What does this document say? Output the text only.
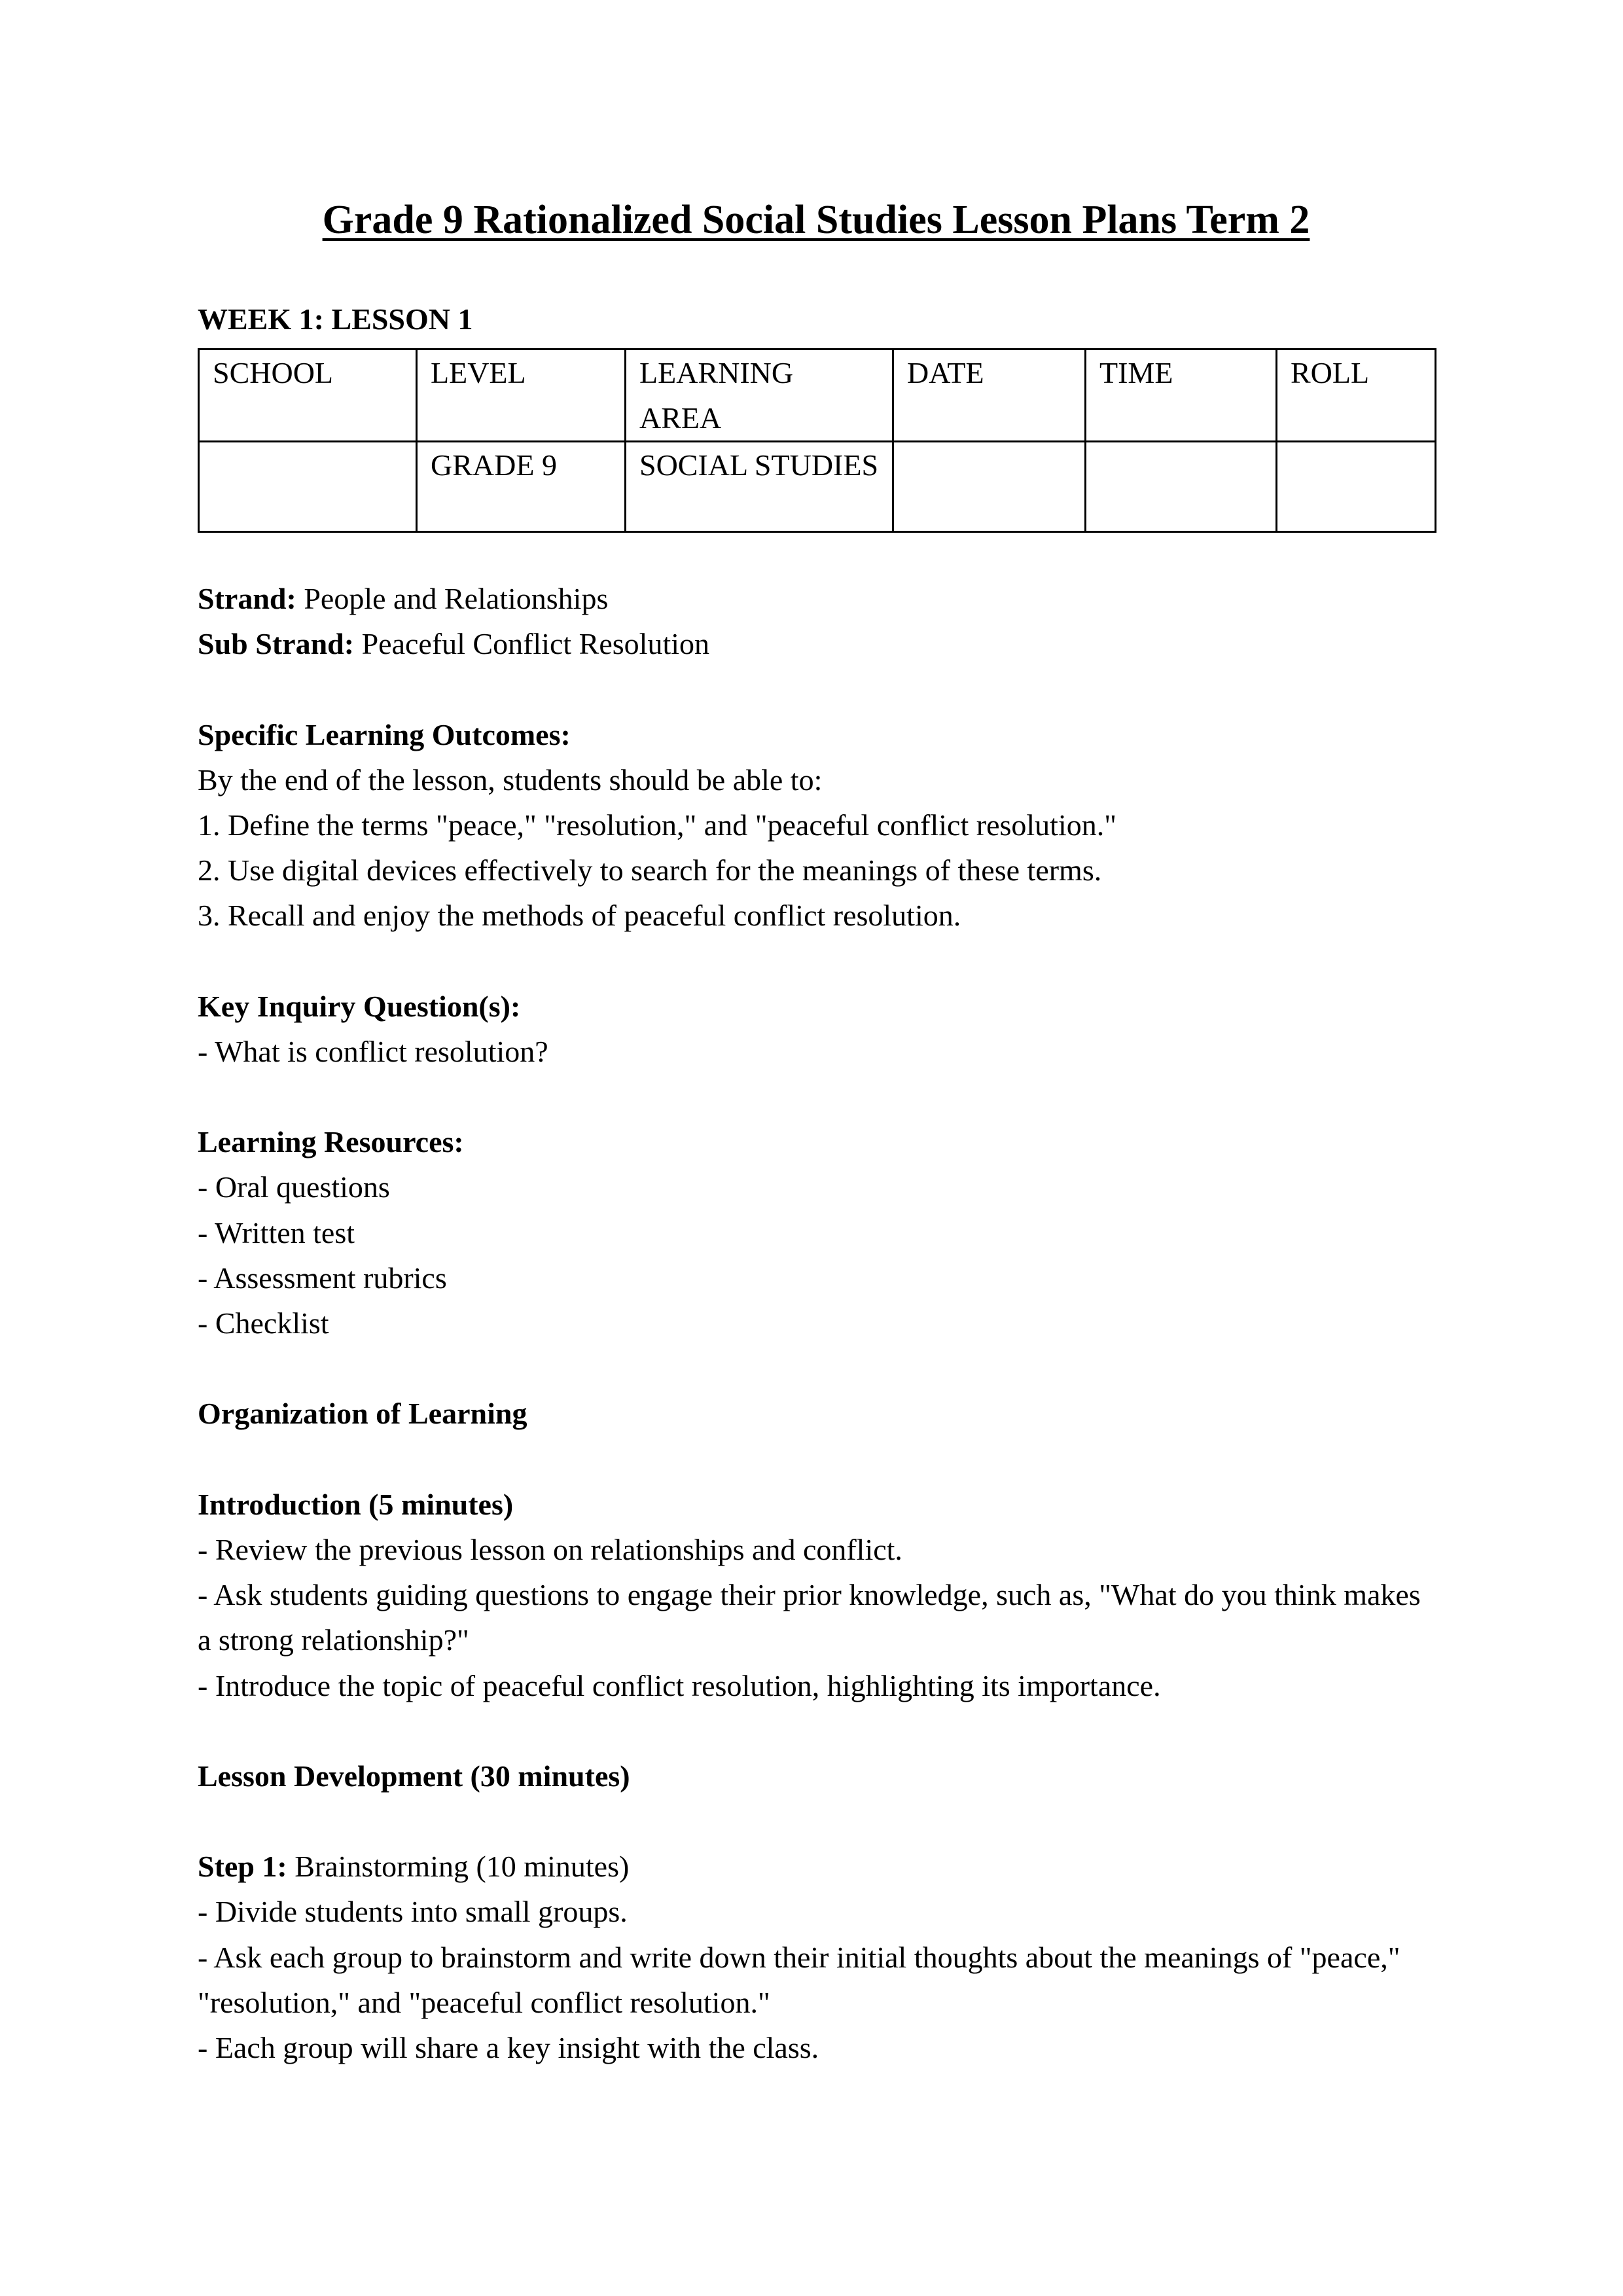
Grade 9 Rationalized Social Studies Lesson Plans Term 2
WEEK 1: LESSON 1
SCHOOL	LEVEL	LEARNING AREA	DATE	TIME	ROLL
	GRADE 9	SOCIAL STUDIES			
Strand: People and Relationships
Sub Strand: Peaceful Conflict Resolution
Specific Learning Outcomes:
By the end of the lesson, students should be able to:
1. Define the terms "peace," "resolution," and "peaceful conflict resolution."
2. Use digital devices effectively to search for the meanings of these terms.
3. Recall and enjoy the methods of peaceful conflict resolution.
Key Inquiry Question(s):
- What is conflict resolution?
Learning Resources:
- Oral questions
- Written test
- Assessment rubrics
- Checklist
Organization of Learning
Introduction (5 minutes)
- Review the previous lesson on relationships and conflict.
- Ask students guiding questions to engage their prior knowledge, such as, "What do you think makes a strong relationship?"
- Introduce the topic of peaceful conflict resolution, highlighting its importance.
Lesson Development (30 minutes)
Step 1: Brainstorming (10 minutes)
- Divide students into small groups.
- Ask each group to brainstorm and write down their initial thoughts about the meanings of "peace," "resolution," and "peaceful conflict resolution."
- Each group will share a key insight with the class.
